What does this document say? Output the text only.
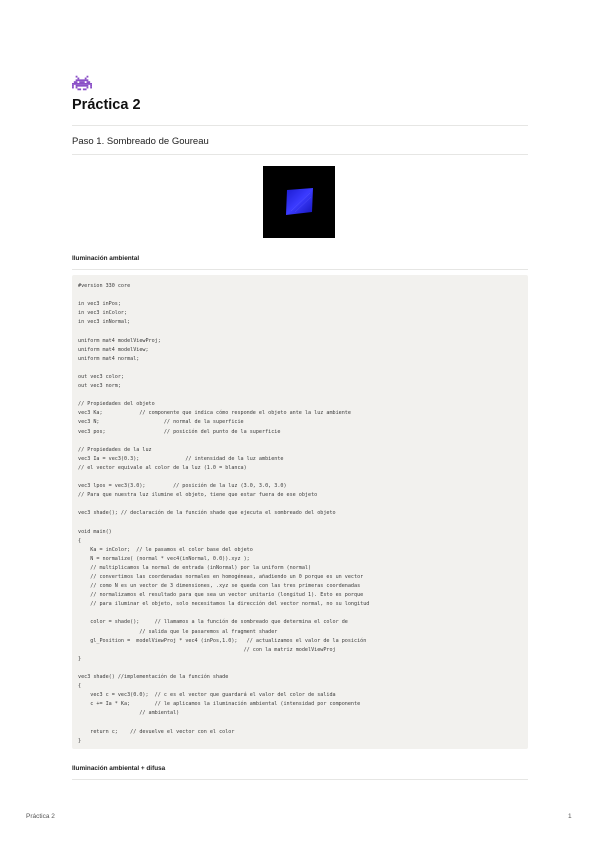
Práctica 2
Paso 1. Sombreado de Goureau
Iluminación ambiental
#version 330 core

in vec3 inPos;
in vec3 inColor;
in vec3 inNormal;

uniform mat4 modelViewProj;
uniform mat4 modelView;
uniform mat4 normal;

out vec3 color;
out vec3 norm;

// Propiedades del objeto
vec3 Ka;            // componente que indica cómo responde el objeto ante la luz ambiente
vec3 N;                     // normal de la superficie
vec3 pos;                   // posición del punto de la superficie

// Propiedades de la luz
vec3 Ia = vec3(0.3);               // intensidad de la luz ambiente
// el vector equivale al color de la luz (1.0 = blanca)

vec3 lpos = vec3(3.0);         // posición de la luz (3.0, 3.0, 3.0)
// Para que nuestra luz ilumine el objeto, tiene que estar fuera de ese objeto

vec3 shade(); // declaración de la función shade que ejecuta el sombreado del objeto

void main()
{
Ka = inColor;  // le pasamos el color base del objeto
N = normalize( (normal * vec4(inNormal, 0.0)).xyz );
// multiplicamos la normal de entrada (inNormal) por la uniform (normal)
// convertimos las coordenadas normales en homogéneas, añadiendo un 0 porque es un vector
// como N es un vector de 3 dimensiones, .xyz se queda con las tres primeras coordenadas
// normalizamos el resultado para que sea un vector unitario (longitud 1). Esto es porque
// para iluminar el objeto, solo necesitamos la dirección del vector normal, no su longitud

color = shade();     // llamamos a la función de sombreado que determina el color de
// salida que le pasaremos al fragment shader
gl_Position =  modelViewProj * vec4 (inPos,1.0);   // actualizamos el valor de la posición
// con la matriz modelViewProj
}

vec3 shade() //implementación de la función shade
{
vec3 c = vec3(0.0);  // c es el vector que guardará el valor del color de salida
c += Ia * Ka;        // le aplicamos la iluminación ambiental (intensidad por componente
// ambiental)

return c;    // devuelve el vector con el color
}

Iluminación ambiental + difusa
Práctica 2	1
